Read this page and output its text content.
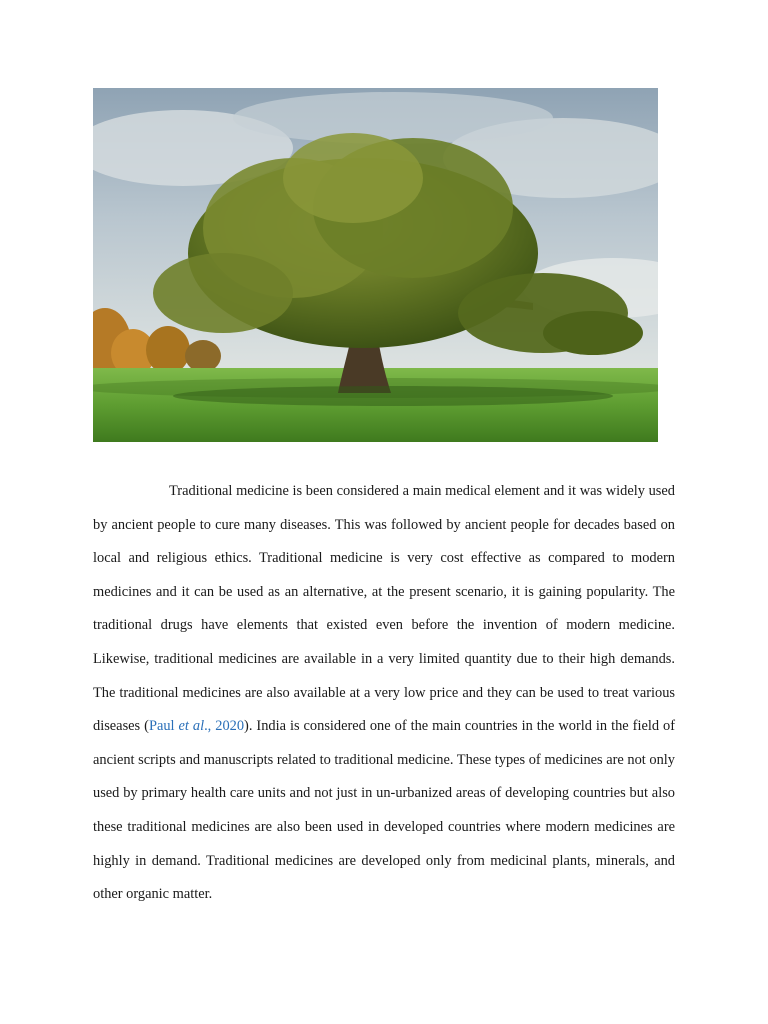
Traditional medicine is been considered a main medical element and it was widely used by ancient people to cure many diseases. This was followed by ancient people for decades based on local and religious ethics. Traditional medicine is very cost effective as compared to modern medicines and it can be used as an alternative, at the present scenario, it is gaining popularity. The traditional drugs have elements that existed even before the invention of modern medicine. Likewise, traditional medicines are available in a very limited quantity due to their high demands. The traditional medicines are also available at a very low price and they can be used to treat various diseases (Paul et al., 2020). India is considered one of the main countries in the world in the field of ancient scripts and manuscripts related to traditional medicine. These types of medicines are not only used by primary health care units and not just in un-urbanized areas of developing countries but also these traditional medicines are also been used in developed countries where modern medicines are highly in demand. Traditional medicines are developed only from medicinal plants, minerals, and other organic matter.
